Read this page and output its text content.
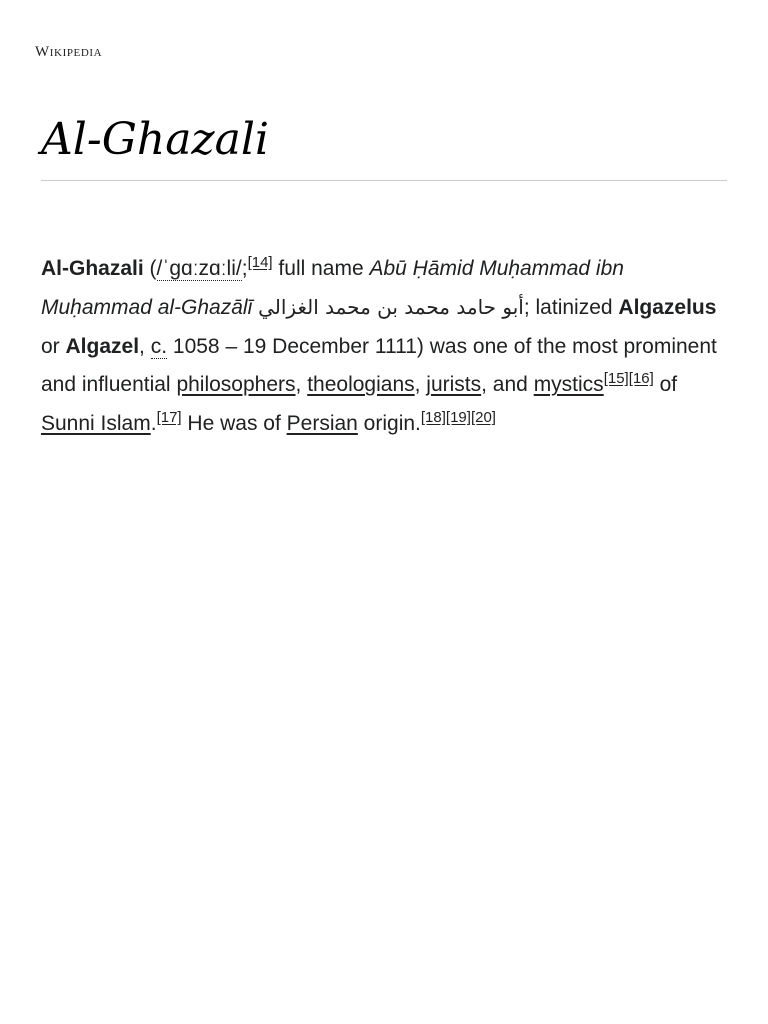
Wikipedia
Al-Ghazali

Al-Ghazali (/ˈɡɑːzɑːli/;[14] full name Abū Ḥāmid Muḥammad ibn Muḥammad al-Ghazālī أبو حامد محمد بن محمد الغزالي; latinized Algazelus or Algazel, c. 1058 – 19 December 1111) was one of the most prominent and influential philosophers, theologians, jurists, and mystics[15][16] of Sunni Islam.[17] He was of Persian origin.[18][19][20]
